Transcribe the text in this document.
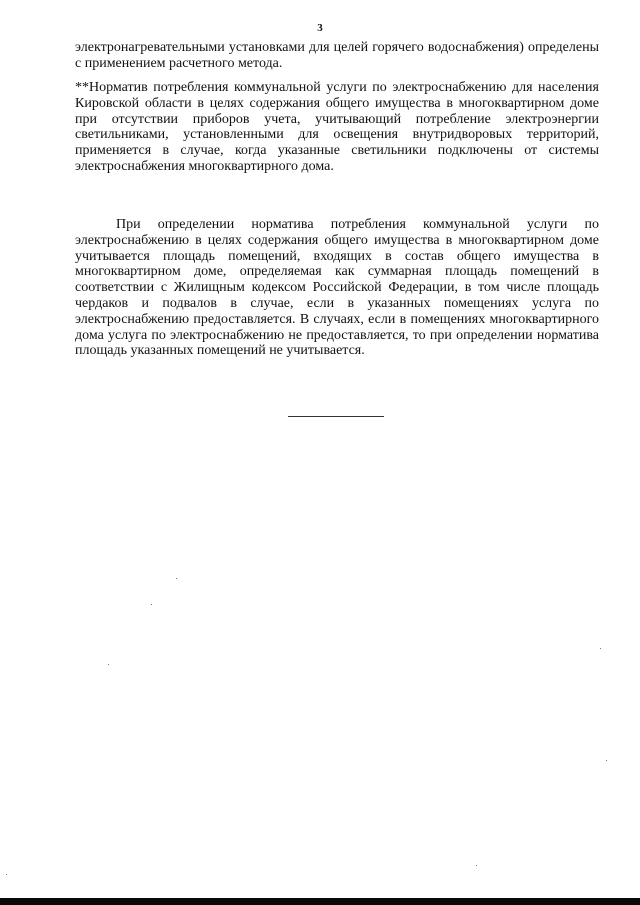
3
электронагревательными установками для целей горячего водоснабжения) определены с применением расчетного метода.
**Норматив потребления коммунальной услуги по электроснабжению для населения Кировской области в целях содержания общего имущества в многоквартирном доме при отсутствии приборов учета, учитывающий потребление электроэнергии светильниками, установленными для освещения внутридворовых территорий, применяется в случае, когда указанные светильники подключены от системы электроснабжения многоквартирного дома.
При определении норматива потребления коммунальной услуги по электроснабжению в целях содержания общего имущества в многоквартирном доме учитывается площадь помещений, входящих в состав общего имущества в многоквартирном доме, определяемая как суммарная площадь помещений в соответствии с Жилищным кодексом Российской Федерации, в том числе площадь чердаков и подвалов в случае, если в указанных помещениях услуга по электроснабжению предоставляется. В случаях, если в помещениях многоквартирного дома услуга по электроснабжению не предоставляется, то при определении норматива площадь указанных помещений не учитывается.
